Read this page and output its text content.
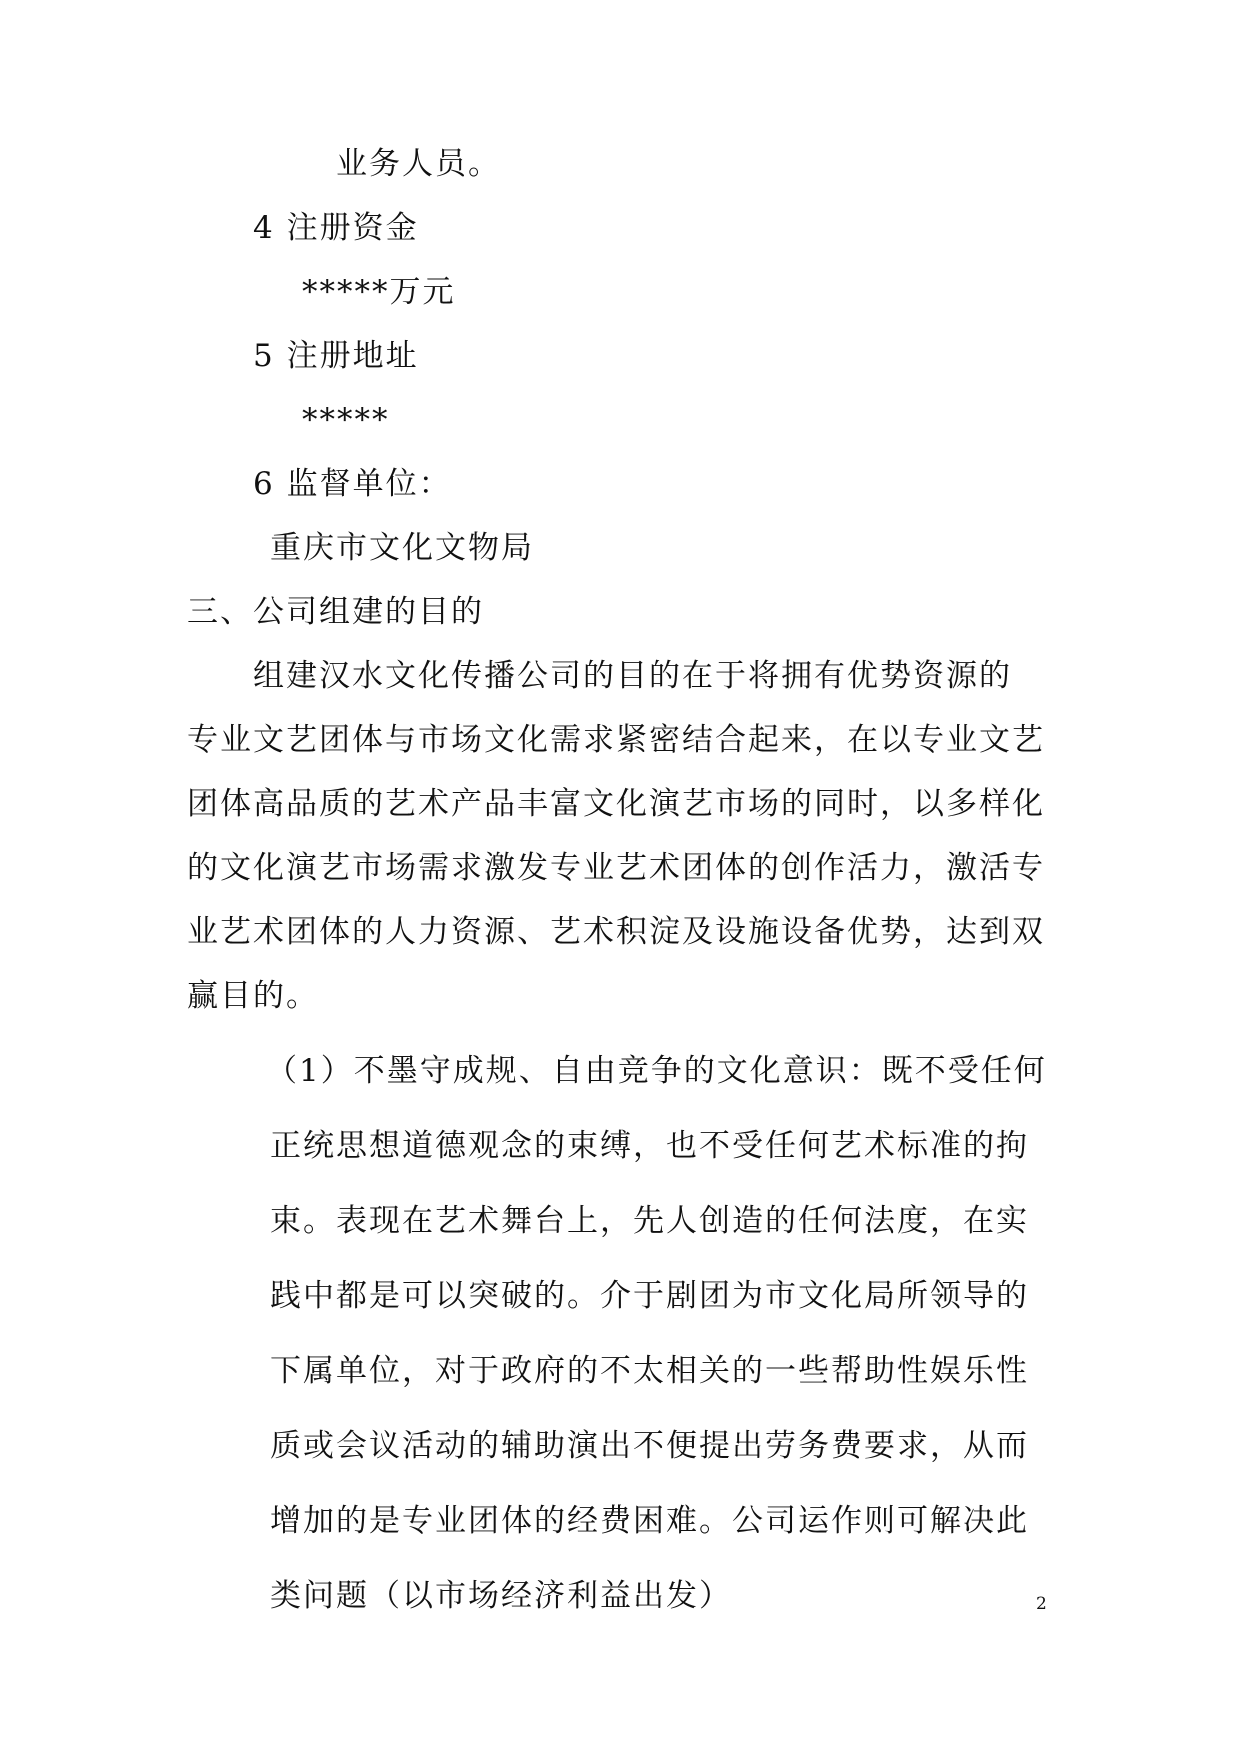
业务人员。
4 注册资金
*****万元
5 注册地址
*****
6 监督单位：
重庆市文化文物局
三、公司组建的目的
组建汉水文化传播公司的目的在于将拥有优势资源的
专业文艺团体与市场文化需求紧密结合起来，在以专业文艺
团体高品质的艺术产品丰富文化演艺市场的同时，以多样化
的文化演艺市场需求激发专业艺术团体的创作活力，激活专
业艺术团体的人力资源、艺术积淀及设施设备优势，达到双
赢目的。
（1）不墨守成规、自由竞争的文化意识：既不受任何
正统思想道德观念的束缚，也不受任何艺术标准的拘
束。表现在艺术舞台上，先人创造的任何法度，在实
践中都是可以突破的。介于剧团为市文化局所领导的
下属单位，对于政府的不太相关的一些帮助性娱乐性
质或会议活动的辅助演出不便提出劳务费要求，从而
增加的是专业团体的经费困难。公司运作则可解决此
类问题（以市场经济利益出发）	2
